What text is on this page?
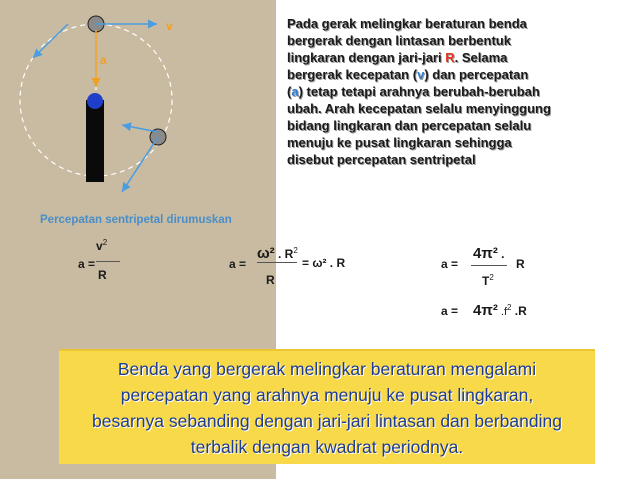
v
a
Pada gerak melingkar beraturan benda
bergerak dengan lintasan berbentuk
lingkaran dengan jari-jari R. Selama
bergerak kecepatan (v) dan percepatan
(a) tetap tetapi arahnya berubah-berubah
ubah. Arah kecepatan selalu menyinggung
bidang lingkaran dan percepatan selalu
menuju ke pusat lingkaran sehingga
disebut percepatan sentripetal
Percepatan sentripetal dirumuskan
a =
$v^2$
R
a =
ω² . $R^2$
R
= ω² . R	a =
4π² .
$T^2$
R
a = 4π² $.f^2$ .R
Benda yang bergerak melingkar beraturan mengalami
percepatan yang arahnya menuju ke pusat lingkaran,
besarnya sebanding dengan jari-jari lintasan dan berbanding
terbalik dengan kwadrat periodnya.
